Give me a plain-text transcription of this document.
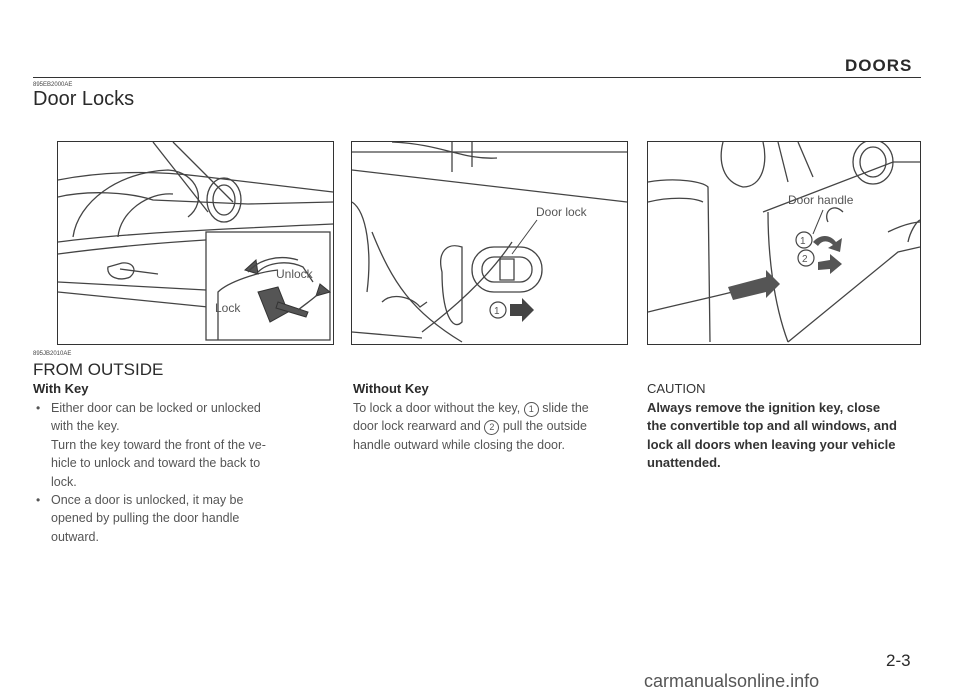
DOORS
895EB2000AE
Door Locks
Unlock
Lock	1
Door lock
1
2
Door handle
895JB2010AE
FROM OUTSIDE
With Key
• Either door can be locked or unlocked
with the key.
Turn the key toward the front of the ve-
hicle to unlock and toward the back to
lock.
• Once a door is unlocked, it may be
opened by pulling the door handle
outward.
Without Key
To lock a door without the key, 1 slide the
door lock rearward and 2 pull the outside
handle outward while closing the door.
CAUTION

Always remove the ignition key, close

the convertible top and all windows, and

lock all doors when leaving your vehicle

unattended.

2-3
carmanualsonline.info
